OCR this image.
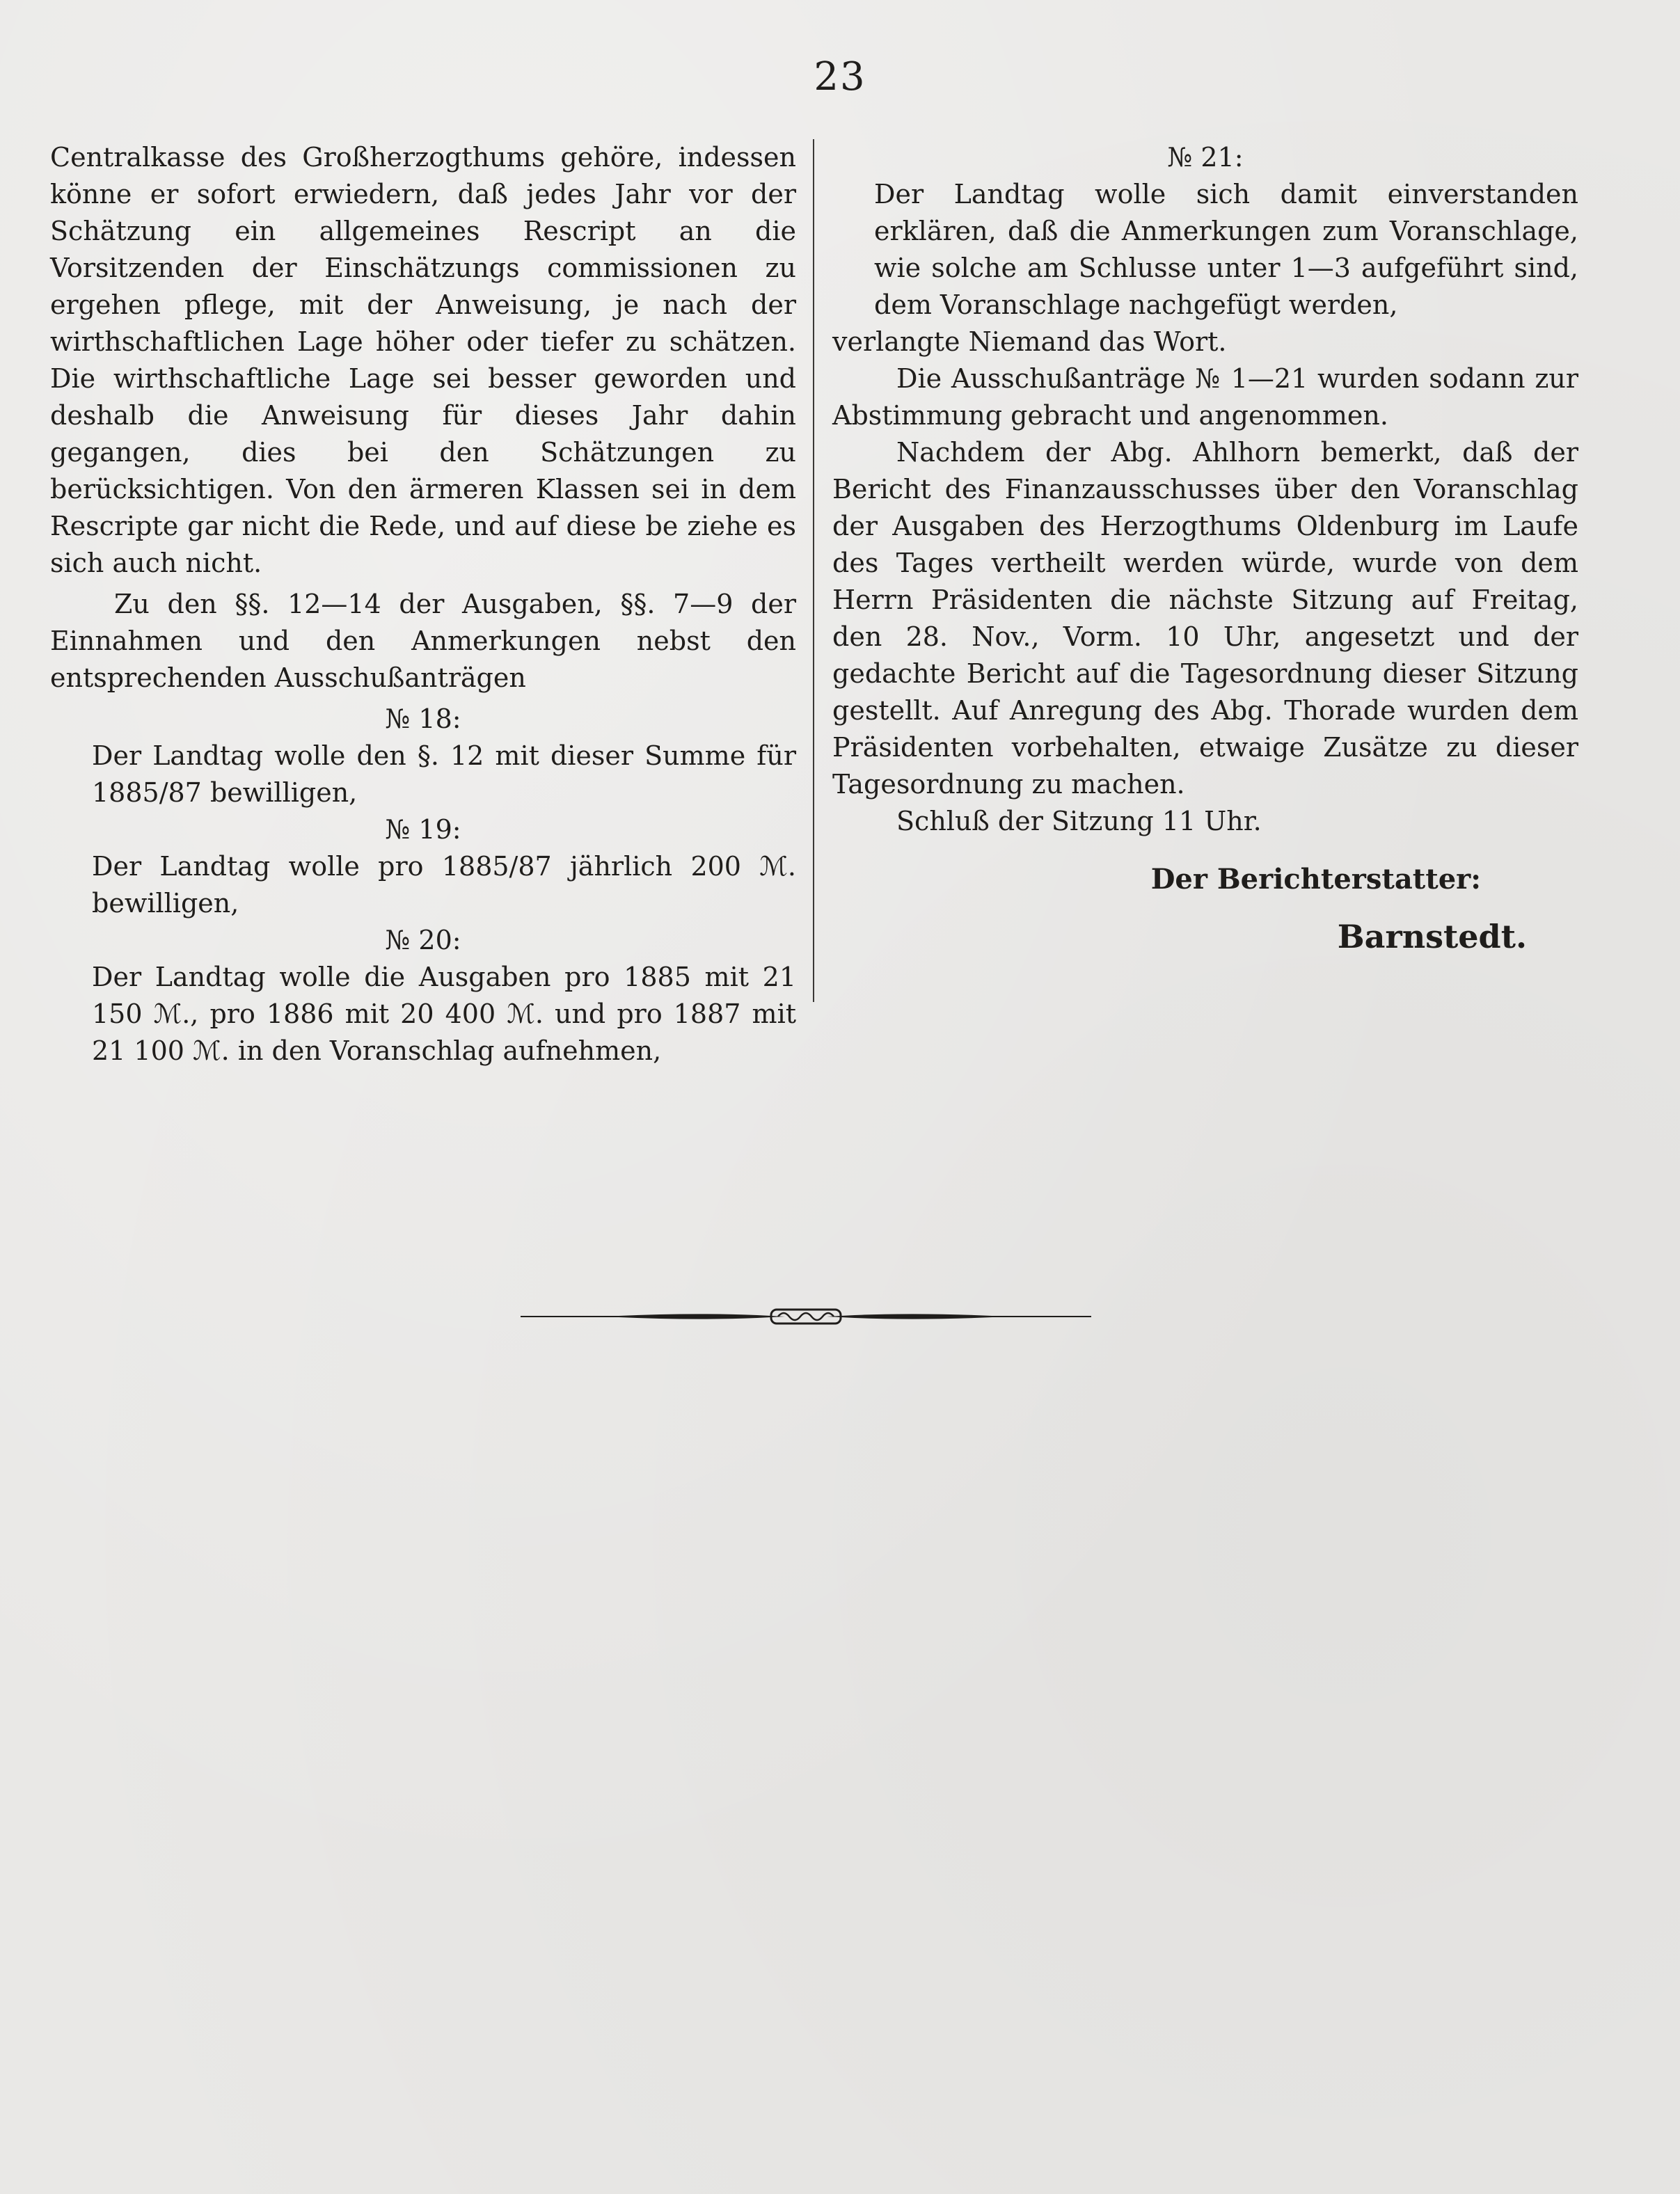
23

Centralkasse des Großherzogthums gehöre, indessen könne er sofort erwiedern, daß jedes Jahr vor der Schätzung ein allgemeines Rescript an die Vorsitzenden der Einschätzungs commissionen zu ergehen pflege, mit der Anweisung, je nach der wirthschaftlichen Lage höher oder tiefer zu schätzen. Die wirthschaftliche Lage sei besser geworden und deshalb die Anweisung für dieses Jahr dahin gegangen, dies bei den Schätzungen zu berücksichtigen. Von den ärmeren Klassen sei in dem Rescripte gar nicht die Rede, und auf diese be ziehe es sich auch nicht.

Zu den §§. 12—14 der Ausgaben, §§. 7—9 der Einnahmen und den Anmerkungen nebst den entsprechenden Ausschußanträgen

№ 18:

Der Landtag wolle den §. 12 mit dieser Summe für 1885/87 bewilligen,

№ 19:

Der Landtag wolle pro 1885/87 jährlich 200 ℳ. bewilligen,

№ 20:

Der Landtag wolle die Ausgaben pro 1885 mit 21 150 ℳ., pro 1886 mit 20 400 ℳ. und pro 1887 mit 21 100 ℳ. in den Voranschlag aufnehmen,

№ 21:

Der Landtag wolle sich damit einverstanden erklären, daß die Anmerkungen zum Voranschlage, wie solche am Schlusse unter 1—3 aufgeführt sind, dem Voranschlage nachgefügt werden,

verlangte Niemand das Wort.

Die Ausschußanträge № 1—21 wurden sodann zur Abstimmung gebracht und angenommen.

Nachdem der Abg. Ahlhorn bemerkt, daß der Bericht des Finanzausschusses über den Voranschlag der Ausgaben des Herzogthums Oldenburg im Laufe des Tages vertheilt werden würde, wurde von dem Herrn Präsidenten die nächste Sitzung auf Freitag, den 28. Nov., Vorm. 10 Uhr, angesetzt und der gedachte Bericht auf die Tagesordnung dieser Sitzung gestellt. Auf Anregung des Abg. Thorade wurden dem Präsidenten vorbehalten, etwaige Zusätze zu dieser Tagesordnung zu machen.

Schluß der Sitzung 11 Uhr.

Der Berichterstatter:

Barnstedt.
